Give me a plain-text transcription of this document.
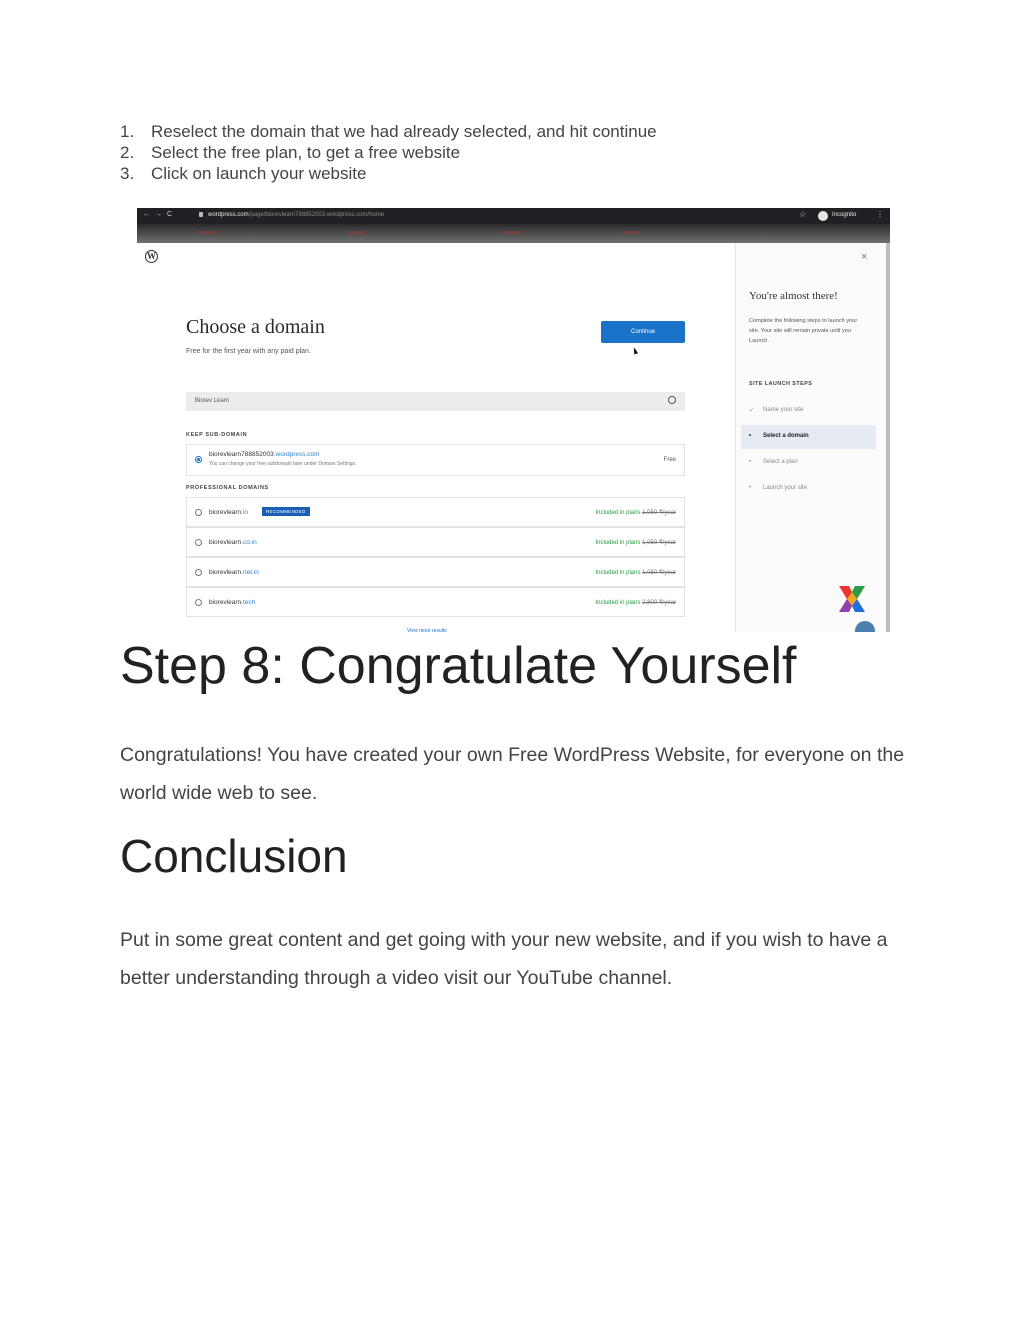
1. Reselect the domain that we had already selected, and hit continue
2. Select the free plan, to get a free website
3. Click on launch your website
←→C	wordpress.com/page/biorevlearn788852003.wordpress.com/home	☆	Incognito ⋮
W
Choose a domain
Free for the first year with any paid plan.
Continue
Biorev Learn
KEEP SUB-DOMAIN
biorevlearn788852003.wordpress.com
You can change your free subdomain later under Domain Settings.
Free
PROFESSIONAL DOMAINS
biorevlearn.in	RECOMMENDED	Included in plans 1,050 ₹/year
biorevlearn.co.in	Included in plans 1,050 ₹/year
biorevlearn.net.in	Included in plans 1,050 ₹/year
biorevlearn.tech	Included in plans 2,800 ₹/year
View more results
×
You're almost there!
Complete the following steps to launch your site. Your site will remain private until you Launch.
SITE LAUNCH STEPS
✓ Name your site
• Select a domain
• Select a plan
• Launch your site
Step 8: Congratulate Yourself

Congratulations! You have created your own Free WordPress Website, for everyone on the world wide web to see.

Conclusion

Put in some great content and get going with your new website, and if you wish to have a better understanding through a video visit our YouTube channel.
